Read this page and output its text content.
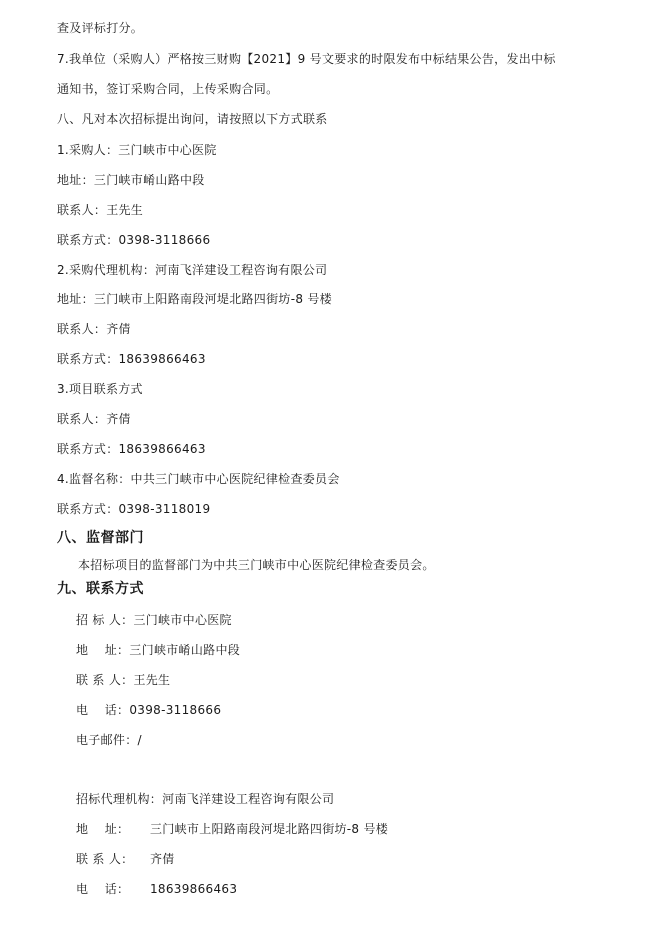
查及评标打分。
7.我单位（采购人）严格按三财购【2021】9 号文要求的时限发布中标结果公告，发出中标
通知书，签订采购合同，上传采购合同。
八、凡对本次招标提出询问，请按照以下方式联系
1.采购人：三门峡市中心医院
地址：三门峡市崤山路中段
联系人：王先生
联系方式：0398-3118666
2.采购代理机构：河南飞洋建设工程咨询有限公司
地址：三门峡市上阳路南段河堤北路四街坊-8 号楼
联系人：齐倩
联系方式：18639866463
3.项目联系方式
联系人：齐倩
联系方式：18639866463
4.监督名称：中共三门峡市中心医院纪律检查委员会
联系方式：0398-3118019
八、监督部门
本招标项目的监督部门为中共三门峡市中心医院纪律检查委员会。
九、联系方式
招 标 人：三门峡市中心医院
地    址：三门峡市崤山路中段
联 系 人：王先生
电    话：0398-3118666
电子邮件：/
招标代理机构：河南飞洋建设工程咨询有限公司
地    址： 三门峡市上阳路南段河堤北路四街坊-8 号楼
联 系 人： 齐倩
电    话： 18639866463
